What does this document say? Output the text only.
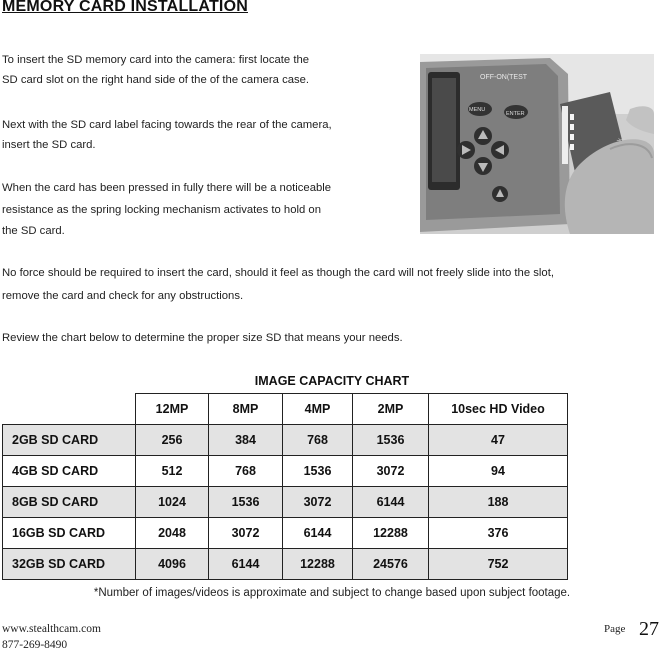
MEMORY CARD INSTALLATION
To insert the SD memory card into the camera: first locate the
SD card slot on the right hand side of the of the camera case.
Next with the SD card label facing towards the rear of the camera,
insert the SD card.
When the card has been pressed in fully there will be a noticeable
resistance as the spring locking mechanism activates to hold on
the SD card.
No force should be required to insert the card, should it feel as though the card will not freely slide into the slot,
remove the card and check for any obstructions.
Review the chart below to determine the proper size SD that means your needs.
OFF-ON(TEST
MENU
ENTER
IMAGE CAPACITY CHART
	12MP	8MP	4MP	2MP	10sec HD Video
2GB SD CARD	256	384	768	1536	47
4GB SD CARD	512	768	1536	3072	94
8GB SD CARD	1024	1536	3072	6144	188
16GB SD CARD	2048	3072	6144	12288	376
32GB SD CARD	4096	6144	12288	24576	752
*Number of images/videos is approximate and subject to change based upon subject footage.
www.stealthcam.com
877-269-8490
Page 27
